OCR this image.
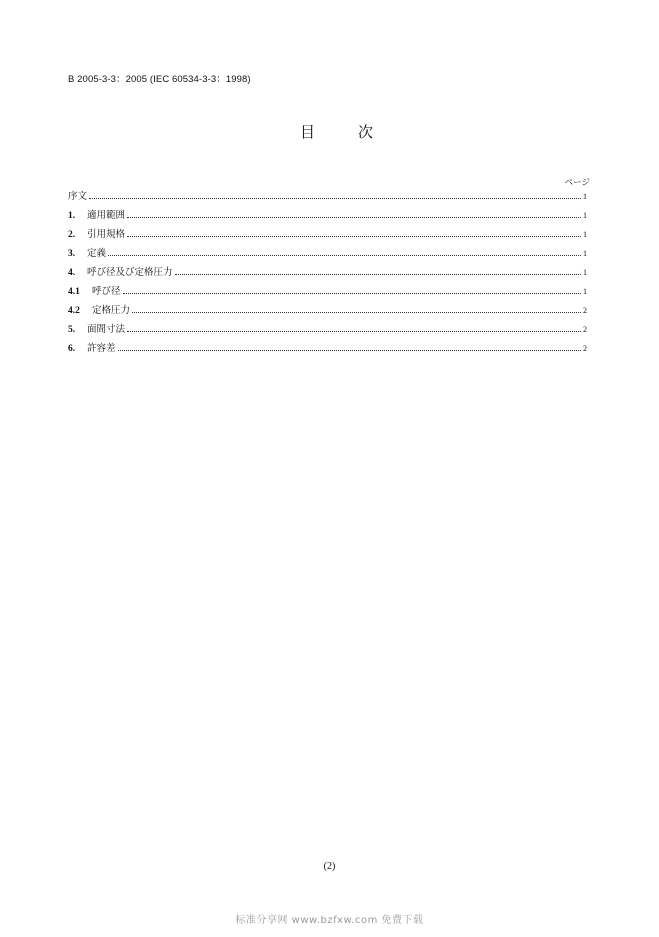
B 2005-3-3：2005 (IEC 60534-3-3：1998)
目　次
ページ
序文	1
1.	適用範囲	1
2.	引用規格	1
3.	定義	1
4.	呼び径及び定格圧力	1
4.1	呼び径	1
4.2	定格圧力	2
5.	面間寸法	2
6.	許容差	2
(2)
标准分享网 www.bzfxw.com 免费下载
